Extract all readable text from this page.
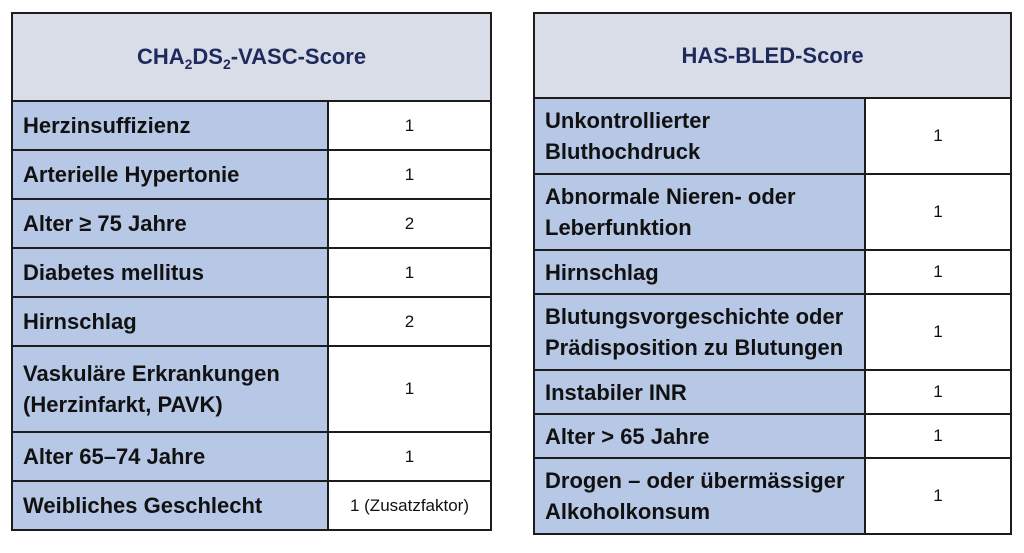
$CHA_2DS_2-VASC$-Score	
Herzinsuffizienz	1
Arterielle Hypertonie	1
Alter ≥ 75 Jahre	2
Diabetes mellitus	1
Hirnschlag	2
Vaskuläre Erkrankungen (Herzinfarkt, PAVK)	1
Alter 65–74 Jahre	1
Weibliches Geschlecht	1 (Zusatzfaktor)
HAS-BLED-Score	
Unkontrollierter Bluthochdruck	1
Abnormale Nieren- oder Leberfunktion	1
Hirnschlag	1
Blutungsvorgeschichte oder Prädisposition zu Blutungen	1
Instabiler INR	1
Alter > 65 Jahre	1
Drogen – oder übermässiger Alkoholkonsum	1
